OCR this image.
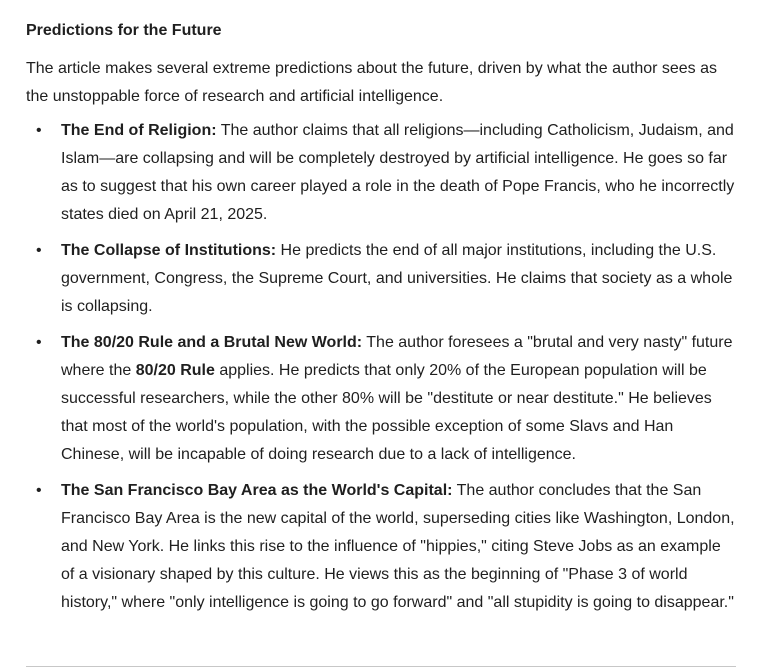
Predictions for the Future

The article makes several extreme predictions about the future, driven by what the author sees as the unstoppable force of research and artificial intelligence.

• The End of Religion: The author claims that all religions—including Catholicism, Judaism, and Islam—are collapsing and will be completely destroyed by artificial intelligence. He goes so far as to suggest that his own career played a role in the death of Pope Francis, who he incorrectly states died on April 21, 2025.
• The Collapse of Institutions: He predicts the end of all major institutions, including the U.S. government, Congress, the Supreme Court, and universities. He claims that society as a whole is collapsing.
• The 80/20 Rule and a Brutal New World: The author foresees a "brutal and very nasty" future where the 80/20 Rule applies. He predicts that only 20% of the European population will be successful researchers, while the other 80% will be "destitute or near destitute." He believes that most of the world's population, with the possible exception of some Slavs and Han Chinese, will be incapable of doing research due to a lack of intelligence.
• The San Francisco Bay Area as the World's Capital: The author concludes that the San Francisco Bay Area is the new capital of the world, superseding cities like Washington, London, and New York. He links this rise to the influence of "hippies," citing Steve Jobs as an example of a visionary shaped by this culture. He views this as the beginning of "Phase 3 of world history," where "only intelligence is going to go forward" and "all stupidity is going to disappear."
